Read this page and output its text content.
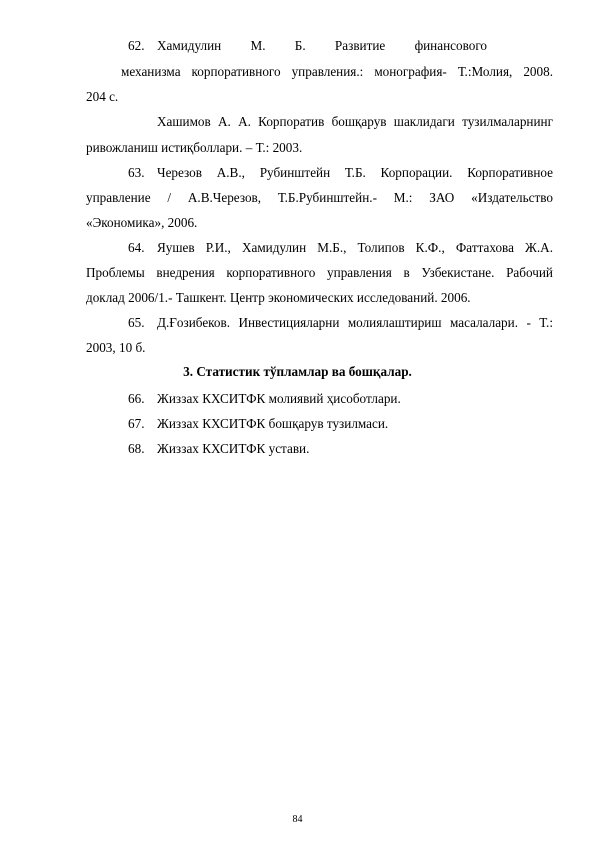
62. Хамидулин М. Б. Развитие финансового
механизма корпоративного управления.: монография- Т.:Молия, 2008.
204 с.
Хашимов А. А. Корпоратив бошқарув шаклидаги тузилмаларнинг
ривожланиш истиқболлари. – Т.: 2003.
63. Черезов А.В., Рубинштейн Т.Б. Корпорации. Корпоративное
управление / А.В.Черезов, Т.Б.Рубинштейн.- М.: ЗАО «Издательство
«Экономика», 2006.
64. Яушев Р.И., Хамидулин М.Б., Толипов К.Ф., Фаттахова Ж.А.
Проблемы внедрения корпоративного управления в Узбекистане. Рабочий
доклад 2006/1.- Ташкент. Центр экономических исследований. 2006.
65. Д.Ғозибеков. Инвестицияларни молиялаштириш масалалари. - Т.:
2003, 10 б.
3. Статистик тўпламлар ва бошқалар.
66. Жиззах КХСИТФК молиявий ҳисоботлари.
67. Жиззах КХСИТФК бошқарув тузилмаси.
68. Жиззах КХСИТФК устави.
84
